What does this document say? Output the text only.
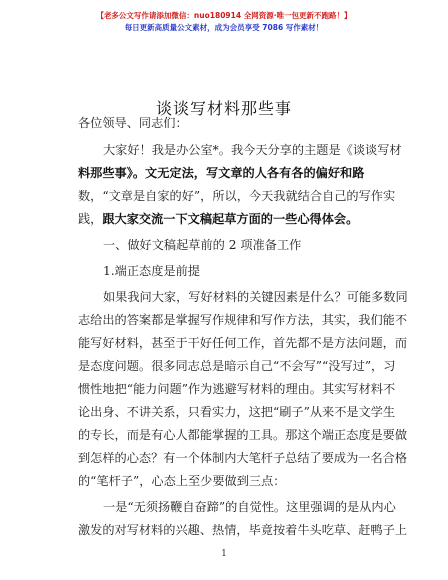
【老多公文写作请添加微信：nuo180914 全网资源·唯一包更新不跑路！】
每日更新高质量公文素材，成为会员享受 7086 写作素材！
谈谈写材料那些事
各位领导、同志们：
大家好！我是办公室*。我今天分享的主题是《谈谈写材
料那些事》。文无定法，写文章的人各有各的偏好和路
数，“文章是自家的好”，所以，今天我就结合自己的写作实
践，跟大家交流一下文稿起草方面的一些心得体会。
一、做好文稿起草前的 2 项准备工作
1.端正态度是前提
如果我问大家，写好材料的关键因素是什么？可能多数同
志给出的答案都是掌握写作规律和写作方法，其实，我们能不
能写好材料，甚至于干好任何工作，首先都不是方法问题，而
是态度问题。很多同志总是暗示自己“不会写”“没写过”，习
惯性地把“能力问题”作为逃避写材料的理由。其实写材料不
论出身、不讲关系，只看实力，这把“刷子”从来不是文学生
的专长，而是有心人都能掌握的工具。那这个端正态度是要做
到怎样的心态？有一个体制内大笔杆子总结了要成为一名合格
的“笔杆子”，心态上至少要做到三点：
一是“无须扬鞭自奋蹄”的自觉性。这里强调的是从内心
激发的对写材料的兴趣、热情，毕竟按着牛头吃草、赶鸭子上
1
